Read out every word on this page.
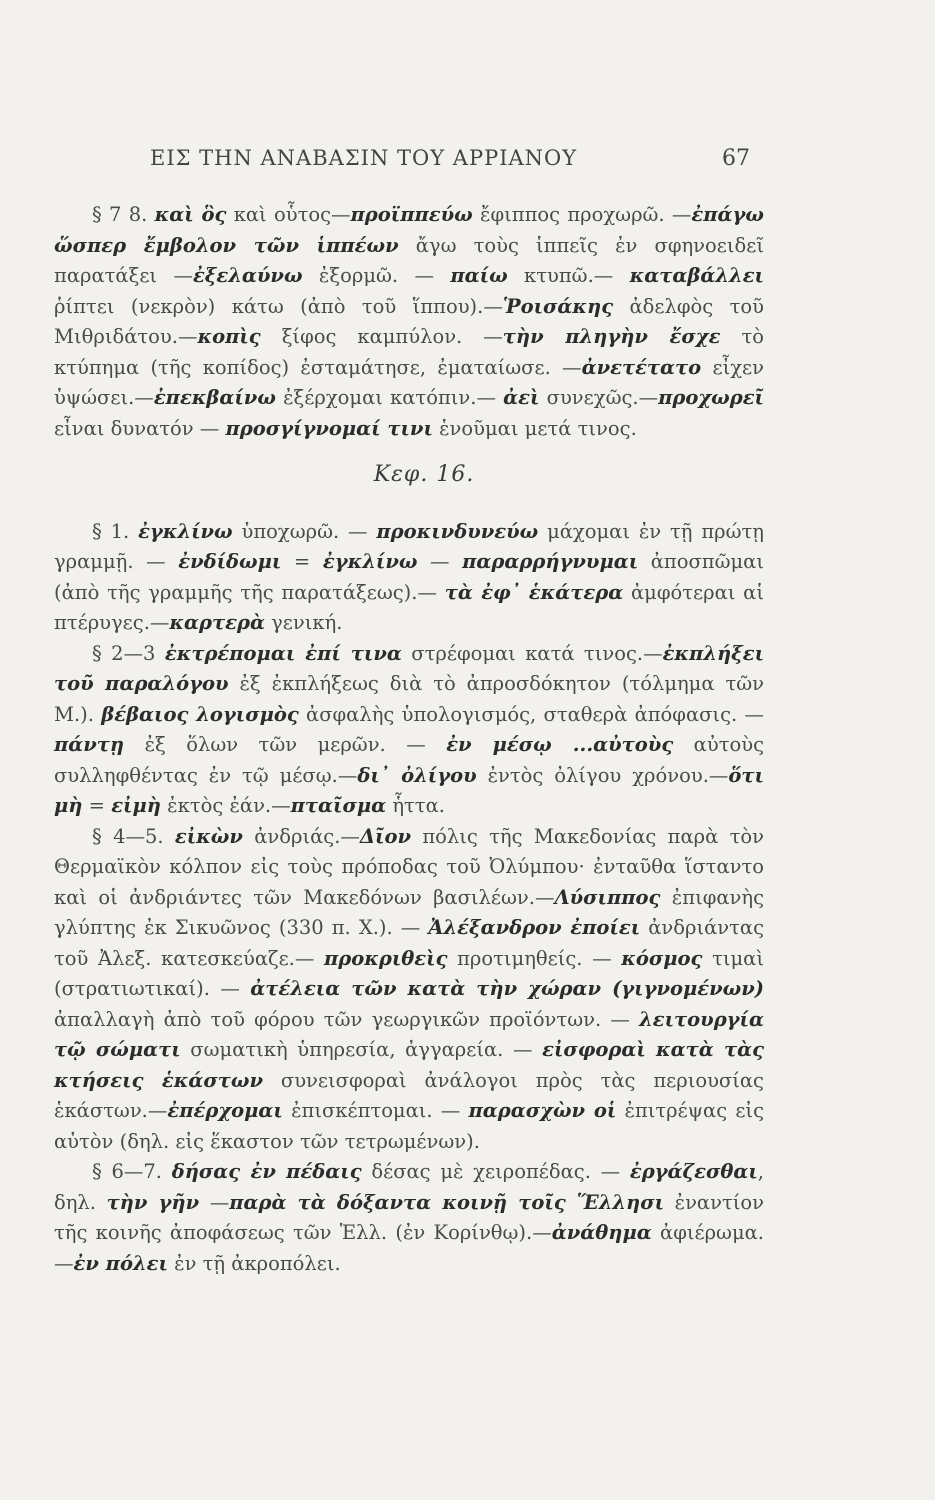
ΕΙΣ ΤΗΝ ΑΝΑΒΑΣΙΝ ΤΟΥ ΑΡΡΙΑΝΟΥ	67

§ 7 8. καὶ ὃς καὶ οὗτος—προϊππεύω ἔφιππος προχωρῶ. —ἐπάγω ὥσπερ ἔμβολον τῶν ἱππέων ἄγω τοὺς ἱππεῖς ἐν σφηνοειδεῖ παρατάξει —ἐξελαύνω ἐξορμῶ. — παίω κτυπῶ.— καταβάλλει ῥίπτει (νεκρὸν) κάτω (ἀπὸ τοῦ ἵππου).—Ῥοισάκης ἀδελφὸς τοῦ Μιθριδάτου.—κοπὶς ξίφος καμπύλον. —τὴν πληγὴν ἔσχε τὸ κτύπημα (τῆς κοπίδος) ἐσταμάτησε, ἐματαίωσε. —ἀνετέτατο εἶχεν ὑψώσει.—ἐπεκβαίνω ἐξέρχομαι κατόπιν.— ἀεὶ συνεχῶς.—προχωρεῖ εἶναι δυνατόν — προσγίγνομαί τινι ἑνοῦμαι μετά τινος.

Κεφ. 16.

§ 1. ἐγκλίνω ὑποχωρῶ. — προκινδυνεύω μάχομαι ἐν τῇ πρώτῃ γραμμῇ. — ἐνδίδωμι = ἐγκλίνω — παραρρήγνυμαι ἀποσπῶμαι (ἀπὸ τῆς γραμμῆς τῆς παρατάξεως).— τὰ ἐφ᾽ ἑκάτερα ἀμφότεραι αἱ πτέρυγες.—καρτερὰ γενική.

§ 2—3 ἐκτρέπομαι ἐπί τινα στρέφομαι κατά τινος.—ἐκπλήξει τοῦ παραλόγου ἐξ ἐκπλήξεως διὰ τὸ ἀπροσδόκητον (τόλμημα τῶν Μ.). βέβαιος λογισμὸς ἀσφαλὴς ὑπολογισμός, σταθερὰ ἀπόφασις. — πάντῃ ἐξ ὅλων τῶν μερῶν. — ἐν μέσῳ ...αὐτοὺς αὐτοὺς συλληφθέντας ἐν τῷ μέσῳ.—δι᾽ ὀλίγου ἐντὸς ὀλίγου χρόνου.—ὅτι μὴ = εἰμὴ ἐκτὸς ἐάν.—πταῖσμα ἧττα.

§ 4—5. εἰκὼν ἀνδριάς.—Δῖον πόλις τῆς Μακεδονίας παρὰ τὸν Θερμαϊκὸν κόλπον εἰς τοὺς πρόποδας τοῦ Ὀλύμπου· ἐνταῦθα ἵσταντο καὶ οἱ ἀνδριάντες τῶν Μακεδόνων βασιλέων.—Λύσιππος ἐπιφανὴς γλύπτης ἐκ Σικυῶνος (330 π. Χ.). — Ἀλέξανδρον ἐποίει ἀνδριάντας τοῦ Ἀλεξ. κατεσκεύαζε.— προκριθεὶς προτιμηθείς. — κόσμος τιμαὶ (στρατιωτικαί). — ἀτέλεια τῶν κατὰ τὴν χώραν (γιγνομένων) ἀπαλλαγὴ ἀπὸ τοῦ φόρου τῶν γεωργικῶν προϊόντων. — λειτουργία τῷ σώματι σωματικὴ ὑπηρεσία, ἀγγαρεία. — εἰσφοραὶ κατὰ τὰς κτήσεις ἑκάστων συνεισφοραὶ ἀνάλογοι πρὸς τὰς περιουσίας ἑκάστων.—ἐπέρχομαι ἐπισκέπτομαι. — παρασχὼν οἱ ἐπιτρέψας εἰς αὐτὸν (δηλ. εἰς ἕκαστον τῶν τετρωμένων).

§ 6—7. δήσας ἐν πέδαις δέσας μὲ χειροπέδας. — ἐργάζεσθαι, δηλ. τὴν γῆν —παρὰ τὰ δόξαντα κοινῇ τοῖς Ἕλλησι ἐναντίον τῆς κοινῆς ἀποφάσεως τῶν Ἑλλ. (ἐν Κορίνθῳ).—ἀνάθημα ἀφιέρωμα.—ἐν πόλει ἐν τῇ ἀκροπόλει.
